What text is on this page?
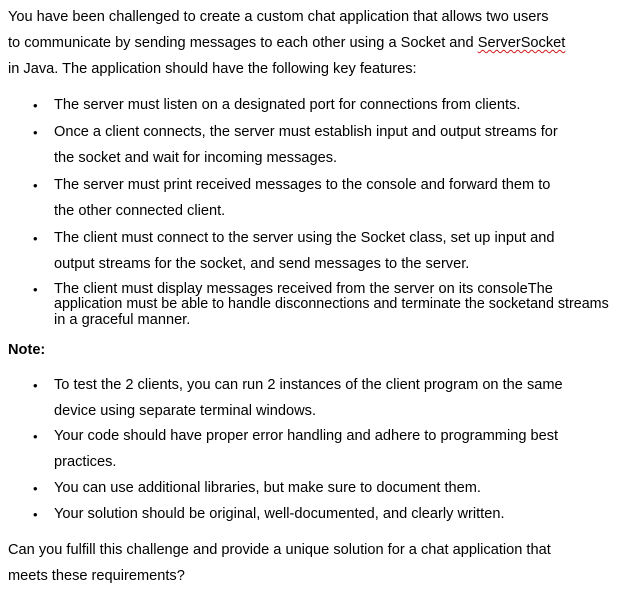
You have been challenged to create a custom chat application that allows two users
to communicate by sending messages to each other using a Socket and ServerSocket
in Java. The application should have the following key features:
• The server must listen on a designated port for connections from clients.
• Once a client connects, the server must establish input and output streams for
the socket and wait for incoming messages.
• The server must print received messages to the console and forward them to
the other connected client.
• The client must connect to the server using the Socket class, set up input and
output streams for the socket, and send messages to the server.
• The client must display messages received from the server on its consoleThe
application must be able to handle disconnections and terminate the socketand streams
in a graceful manner.
Note:
• To test the 2 clients, you can run 2 instances of the client program on the same
device using separate terminal windows.
• Your code should have proper error handling and adhere to programming best
practices.
• You can use additional libraries, but make sure to document them.
• Your solution should be original, well-documented, and clearly written.
Can you fulfill this challenge and provide a unique solution for a chat application that
meets these requirements?
